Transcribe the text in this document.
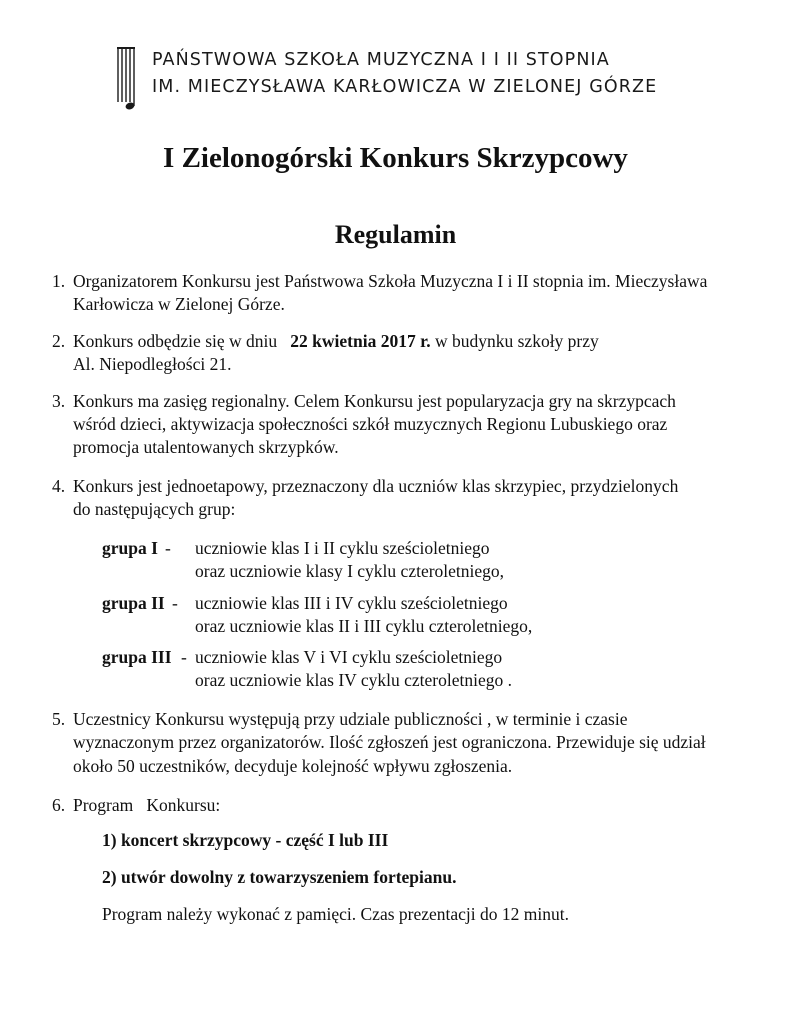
PAŃSTWOWA SZKOŁA MUZYCZNA I I II STOPNIA
IM. MIECZYSŁAWA KARŁOWICZA W ZIELONEJ GÓRZE
I Zielonogórski Konkurs Skrzypcowy
Regulamin
1. Organizatorem Konkursu jest Państwowa Szkoła Muzyczna I i II stopnia im. Mieczysława
Karłowicza w Zielonej Górze.
2. Konkurs odbędzie się w dniu 22 kwietnia 2017 r. w budynku szkoły przy
Al. Niepodległości 21.
3. Konkurs ma zasięg regionalny. Celem Konkursu jest popularyzacja gry na skrzypcach
wśród dzieci, aktywizacja społeczności szkół muzycznych Regionu Lubuskiego oraz
promocja utalentowanych skrzypków.
4. Konkurs jest jednoetapowy, przeznaczony dla uczniów klas skrzypiec, przydzielonych
do następujących grup:
grupa I - uczniowie klas I i II cyklu sześcioletniego
oraz uczniowie klasy I cyklu czteroletniego,
grupa II - uczniowie klas III i IV cyklu sześcioletniego
oraz uczniowie klas II i III cyklu czteroletniego,
grupa III - uczniowie klas V i VI cyklu sześcioletniego
oraz uczniowie klas IV cyklu czteroletniego .
5. Uczestnicy Konkursu występują przy udziale publiczności , w terminie i czasie
wyznaczonym przez organizatorów. Ilość zgłoszeń jest ograniczona. Przewiduje się udział
około 50 uczestników, decyduje kolejność wpływu zgłoszenia.
6. Program   Konkursu:
1) koncert skrzypcowy - część I lub III
2) utwór dowolny z towarzyszeniem fortepianu.
Program należy wykonać z pamięci. Czas prezentacji do 12 minut.
